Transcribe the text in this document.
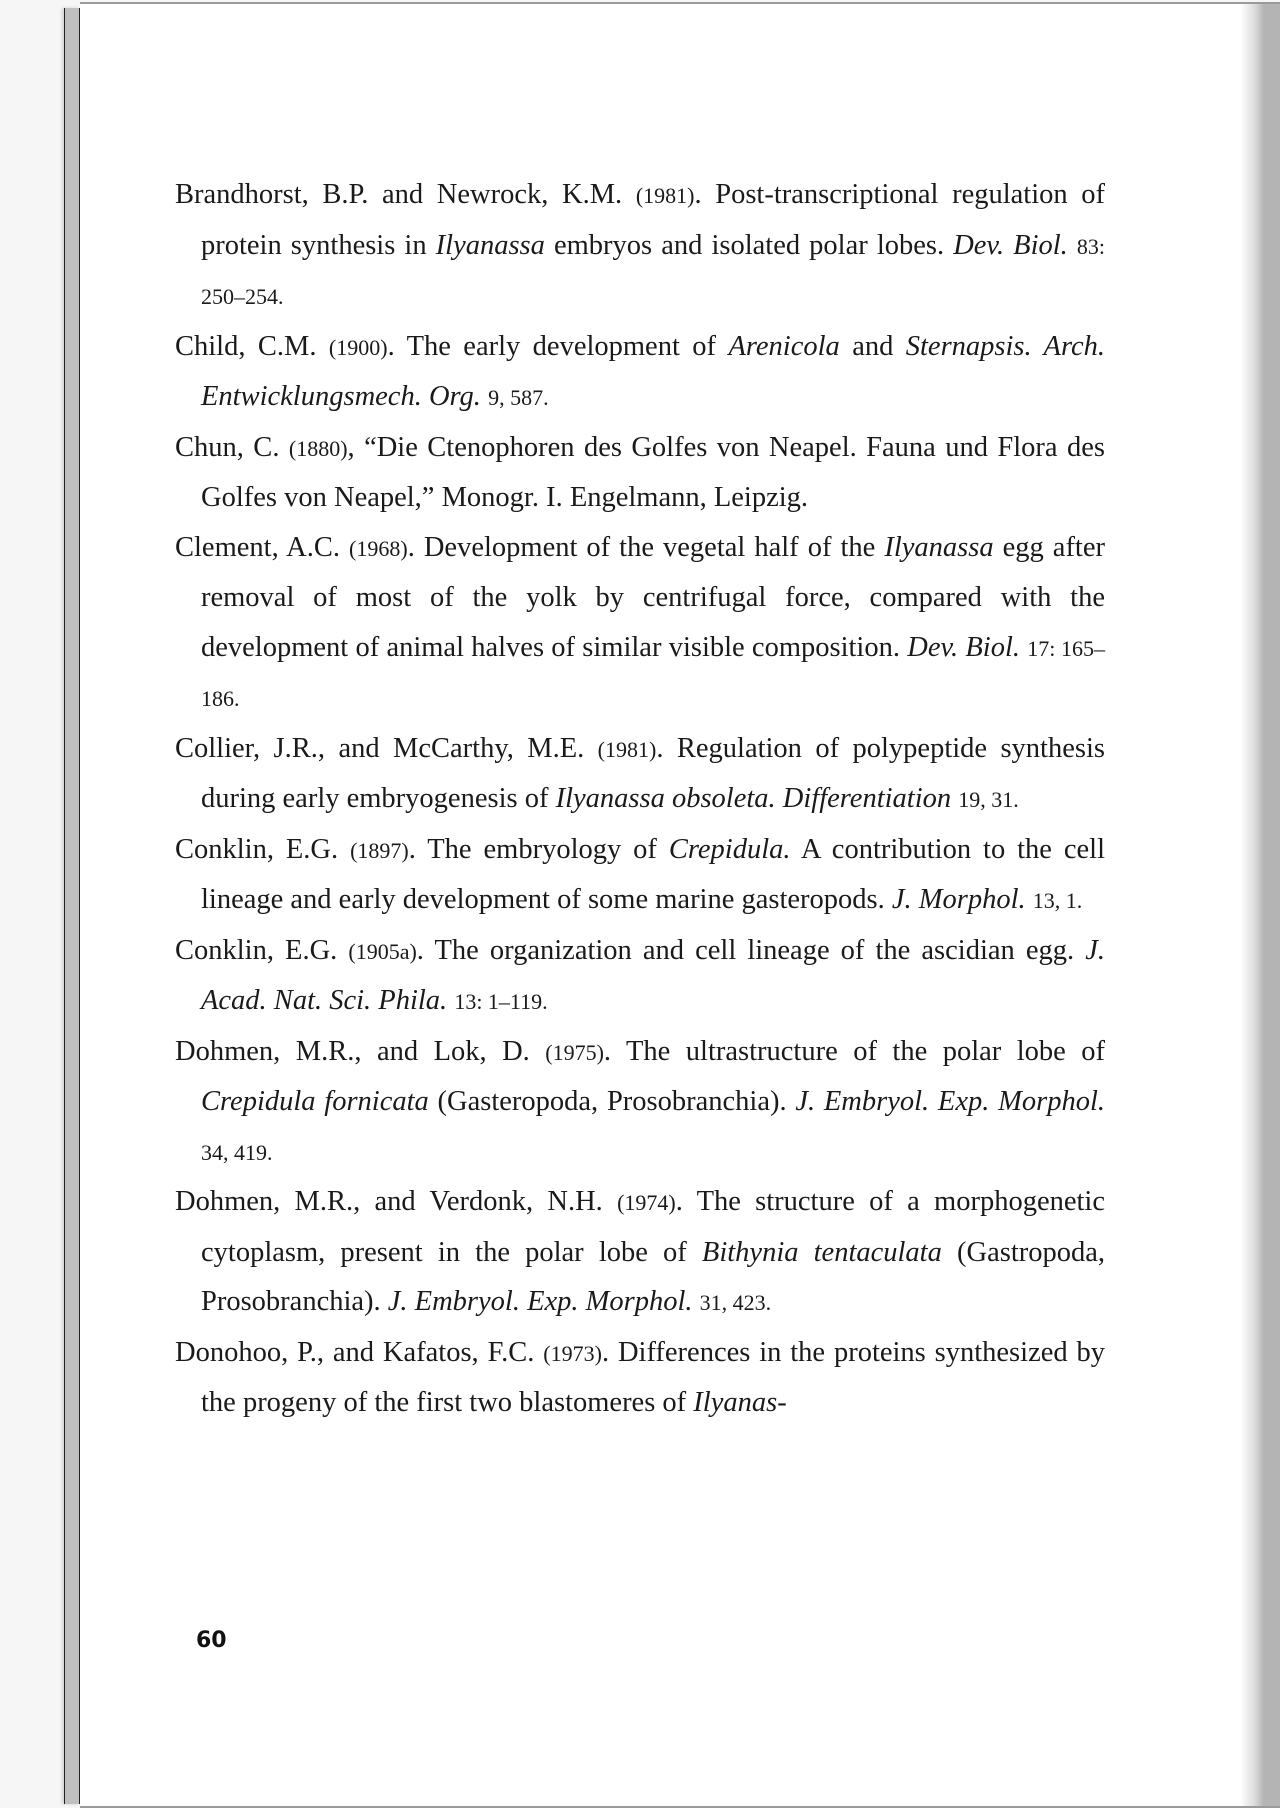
Brandhorst, B.P. and Newrock, K.M. (1981). Post-transcriptional regulation of protein synthesis in Ilyanassa embryos and isolated polar lobes. Dev. Biol. 83: 250–254.

Child, C.M. (1900). The early development of Arenicola and Sternapsis. Arch. Entwicklungsmech. Org. 9, 587.

Chun, C. (1880), “Die Ctenophoren des Golfes von Neapel. Fauna und Flora des Golfes von Neapel,” Monogr. I. Engelmann, Leipzig.

Clement, A.C. (1968). Development of the vegetal half of the Ilyanassa egg after removal of most of the yolk by centrifugal force, compared with the development of animal halves of similar visible composition. Dev. Biol. 17: 165–186.

Collier, J.R., and McCarthy, M.E. (1981). Regulation of polypeptide synthesis during early embryogenesis of Ilyanassa obsoleta. Differentiation 19, 31.

Conklin, E.G. (1897). The embryology of Crepidula. A contribution to the cell lineage and early development of some marine gasteropods. J. Morphol. 13, 1.

Conklin, E.G. (1905a). The organization and cell lineage of the ascidian egg. J. Acad. Nat. Sci. Phila. 13: 1–119.

Dohmen, M.R., and Lok, D. (1975). The ultrastructure of the polar lobe of Crepidula fornicata (Gasteropoda, Prosobranchia). J. Embryol. Exp. Morphol. 34, 419.

Dohmen, M.R., and Verdonk, N.H. (1974). The structure of a morphogenetic cytoplasm, present in the polar lobe of Bithynia tentaculata (Gastropoda, Prosobranchia). J. Embryol. Exp. Morphol. 31, 423.

Donohoo, P., and Kafatos, F.C. (1973). Differences in the proteins synthesized by the progeny of the first two blastomeres of Ilyanas-

60
